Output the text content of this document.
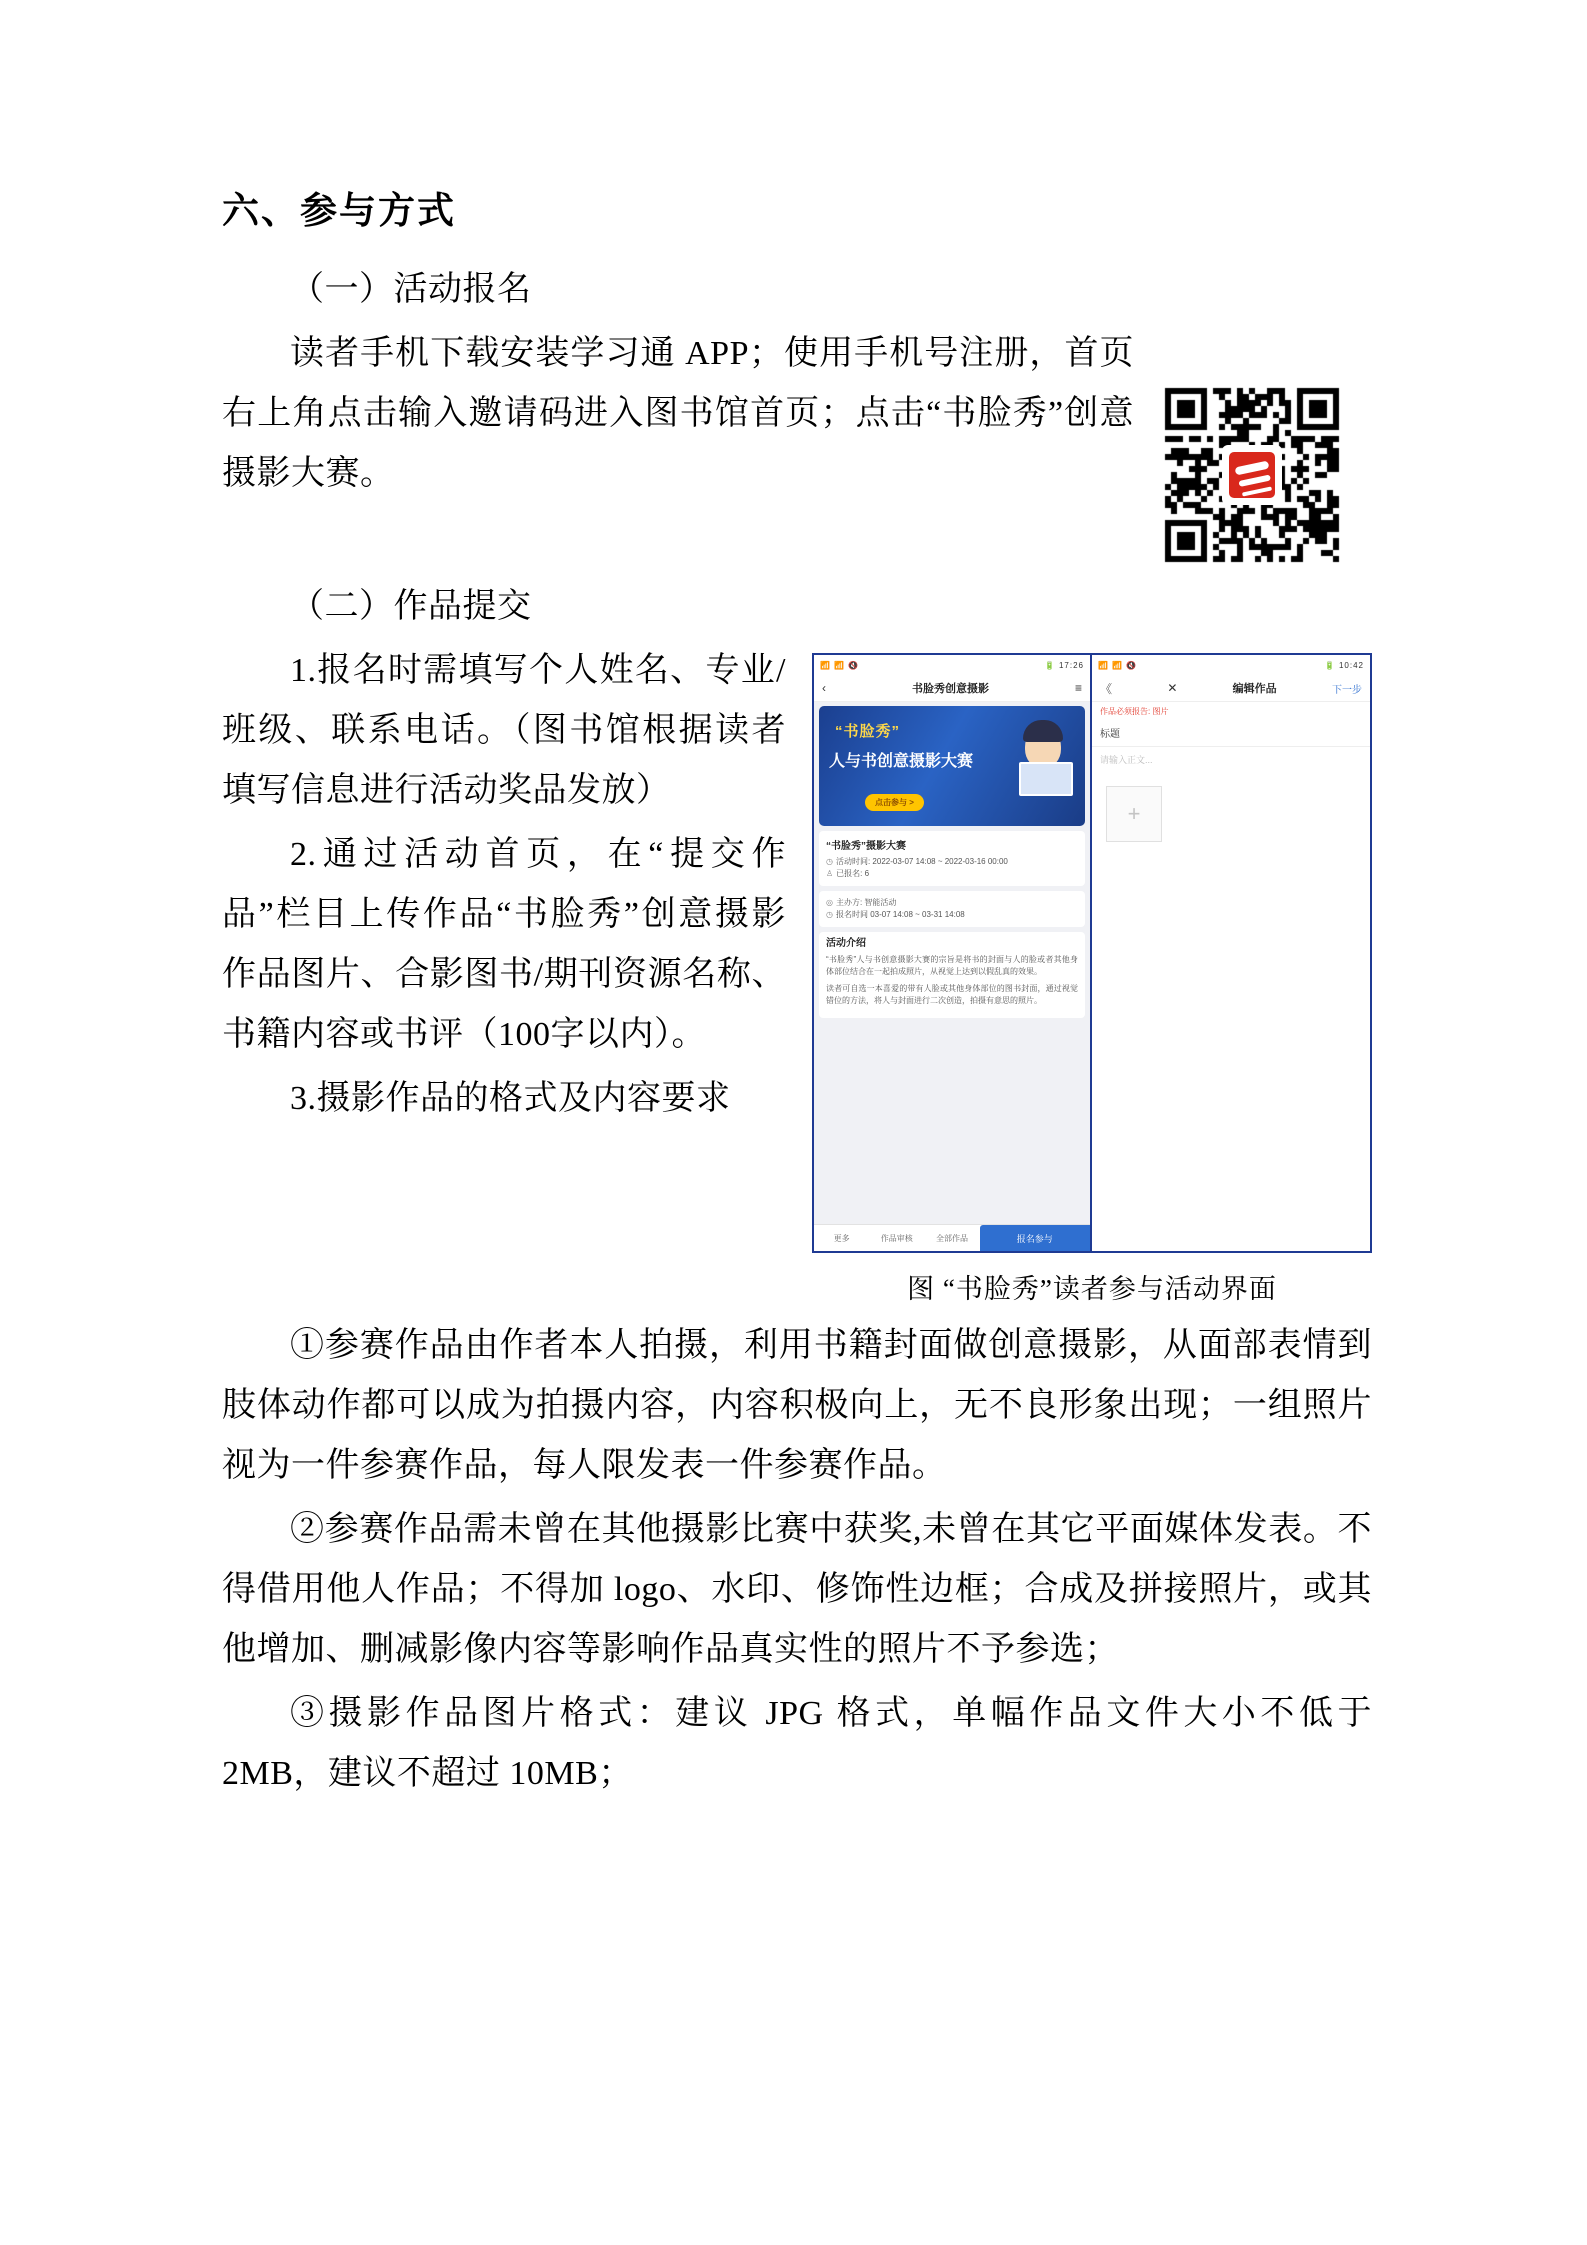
六、参与方式

（一）活动报名

读者手机下载安装学习通 APP；使用手机号注册，首页右上角点击输入邀请码进入图书馆首页；点击“书脸秀”创意摄影大赛。

（二）作品提交

📶 📶 🔇	🔋 17:26
‹	书脸秀创意摄影	≡
“书脸秀”
人与书创意摄影大赛
点击参与 >
“书脸秀”摄影大赛
◷ 活动时间: 2022-03-07 14:08 ~ 2022-03-16 00:00
♙ 已报名: 6
◎ 主办方: 智能活动
◷ 报名时间 03-07 14:08 ~ 03-31 14:08
活动介绍

“书脸秀”人与书创意摄影大赛的宗旨是将书的封面与人的脸或者其他身体部位结合在一起拍成照片，从视觉上达到以假乱真的效果。

读者可自选一本喜爱的带有人脸或其他身体部位的图书封面，通过视觉错位的方法，将人与封面进行二次创造，拍摄有意思的照片。

更多	作品审核	全部作品	报名参与
📶 📶 🔇	🔋 10:42
《	✕	编辑作品	下一步
作品必须报告: 图片
标题
请输入正文...
+
图 “书脸秀”读者参与活动界面

1.报名时需填写个人姓名、专业/班级、联系电话。（图书馆根据读者填写信息进行活动奖品发放）

2.通过活动首页，在“提交作品”栏目上传作品“书脸秀”创意摄影作品图片、合影图书/期刊资源名称、书籍内容或书评（100字以内）。

3.摄影作品的格式及内容要求

①参赛作品由作者本人拍摄，利用书籍封面做创意摄影，从面部表情到肢体动作都可以成为拍摄内容，内容积极向上，无不良形象出现；一组照片视为一件参赛作品，每人限发表一件参赛作品。

②参赛作品需未曾在其他摄影比赛中获奖,未曾在其它平面媒体发表。不得借用他人作品；不得加 logo、水印、修饰性边框；合成及拼接照片，或其他增加、删减影像内容等影响作品真实性的照片不予参选；

③摄影作品图片格式：建议 JPG 格式，单幅作品文件大小不低于 2MB，建议不超过 10MB；
